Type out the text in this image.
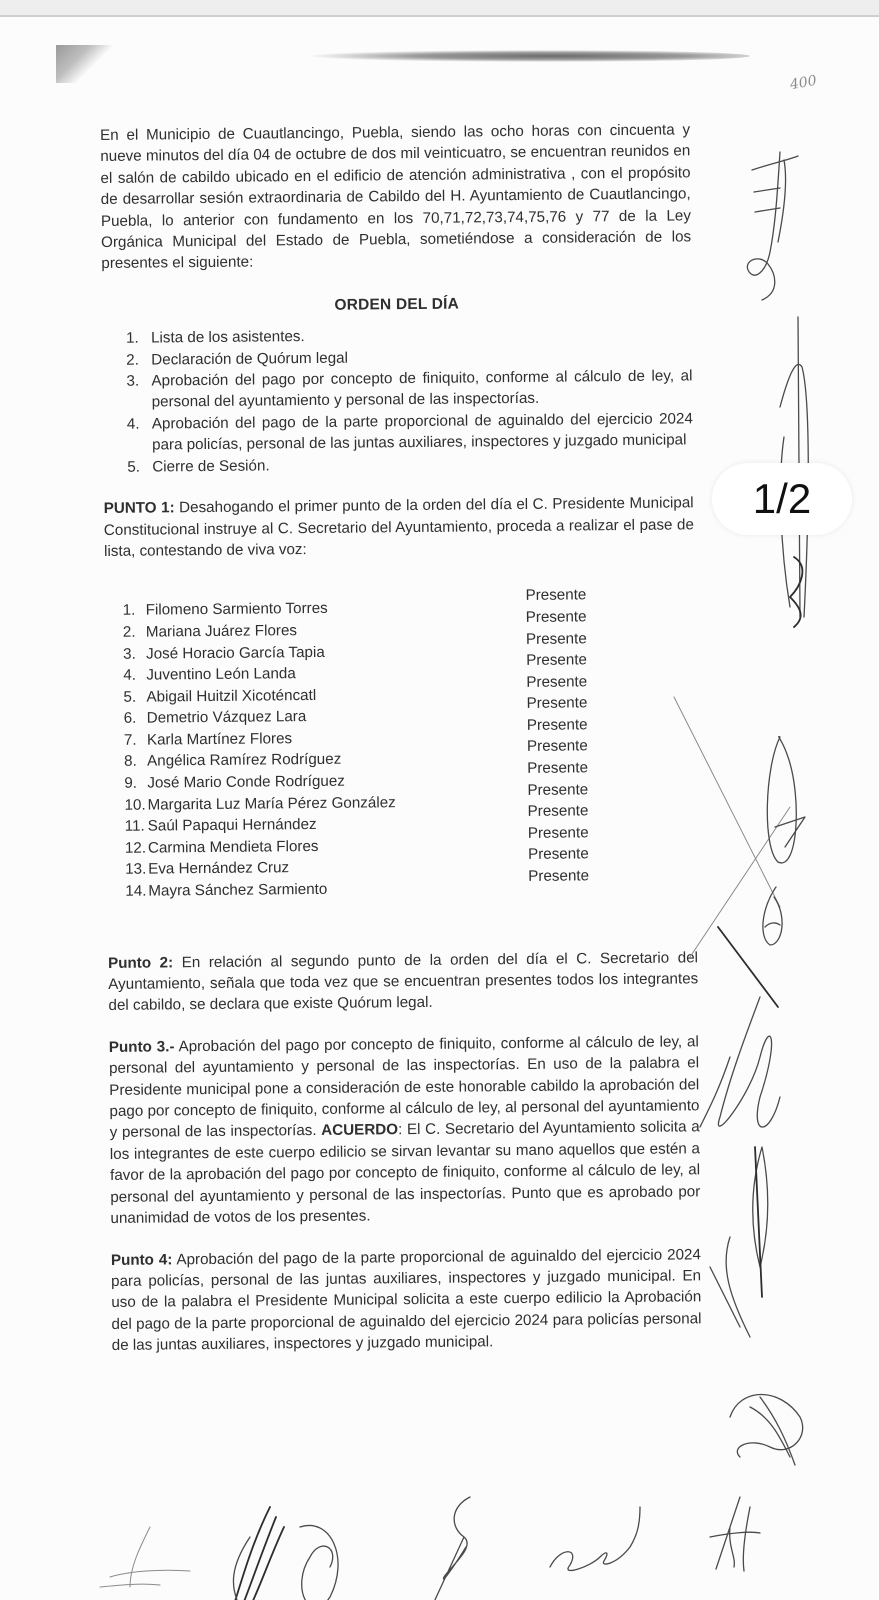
400

En el Municipio de Cuautlancingo, Puebla, siendo las ocho horas con cincuenta y nueve minutos del día 04 de octubre de dos mil veinticuatro, se encuentran reunidos en el salón de cabildo ubicado en el edificio de atención administrativa , con el propósito de desarrollar sesión extraordinaria de Cabildo del H. Ayuntamiento de Cuautlancingo, Puebla, lo anterior con fundamento en los 70,71,72,73,74,75,76 y 77 de la Ley Orgánica Municipal del Estado de Puebla, sometiéndose a consideración de los presentes el siguiente:

ORDEN DEL DÍA
1. Lista de los asistentes.
2. Declaración de Quórum legal
3. Aprobación del pago por concepto de finiquito, conforme al cálculo de ley, al personal del ayuntamiento y personal de las inspectorías.
4. Aprobación del pago de la parte proporcional de aguinaldo del ejercicio 2024 para policías, personal de las juntas auxiliares, inspectores y juzgado municipal
5. Cierre de Sesión.

PUNTO 1: Desahogando el primer punto de la orden del día el C. Presidente Municipal Constitucional instruye al C. Secretario del Ayuntamiento, proceda a realizar el pase de lista, contestando de viva voz:

1. Filomeno Sarmiento Torres
2. Mariana Juárez Flores
3. José Horacio García Tapia
4. Juventino León Landa
5. Abigail Huitzil Xicoténcatl
6. Demetrio Vázquez Lara
7. Karla Martínez Flores
8. Angélica Ramírez Rodríguez
9. José Mario Conde Rodríguez
10. Margarita Luz María Pérez González
11. Saúl Papaqui Hernández
12. Carmina Mendieta Flores
13. Eva Hernández Cruz
14. Mayra Sánchez Sarmiento
Presente
Presente
Presente
Presente
Presente
Presente
Presente
Presente
Presente
Presente
Presente
Presente
Presente
Presente

Punto 2: En relación al segundo punto de la orden del día el C. Secretario del Ayuntamiento, señala que toda vez que se encuentran presentes todos los integrantes del cabildo, se declara que existe Quórum legal.

Punto 3.- Aprobación del pago por concepto de finiquito, conforme al cálculo de ley, al personal del ayuntamiento y personal de las inspectorías. En uso de la palabra el Presidente municipal pone a consideración de este honorable cabildo la aprobación del pago por concepto de finiquito, conforme al cálculo de ley, al personal del ayuntamiento y personal de las inspectorías. ACUERDO: El C. Secretario del Ayuntamiento solicita a los integrantes de este cuerpo edilicio se sirvan levantar su mano aquellos que estén a favor de la aprobación del pago por concepto de finiquito, conforme al cálculo de ley, al personal del ayuntamiento y personal de las inspectorías. Punto que es aprobado por unanimidad de votos de los presentes.

Punto 4: Aprobación del pago de la parte proporcional de aguinaldo del ejercicio 2024 para policías, personal de las juntas auxiliares, inspectores y juzgado municipal. En uso de la palabra el Presidente Municipal solicita a este cuerpo edilicio la Aprobación del pago de la parte proporcional de aguinaldo del ejercicio 2024 para policías personal de las juntas auxiliares, inspectores y juzgado municipal.

1/2
